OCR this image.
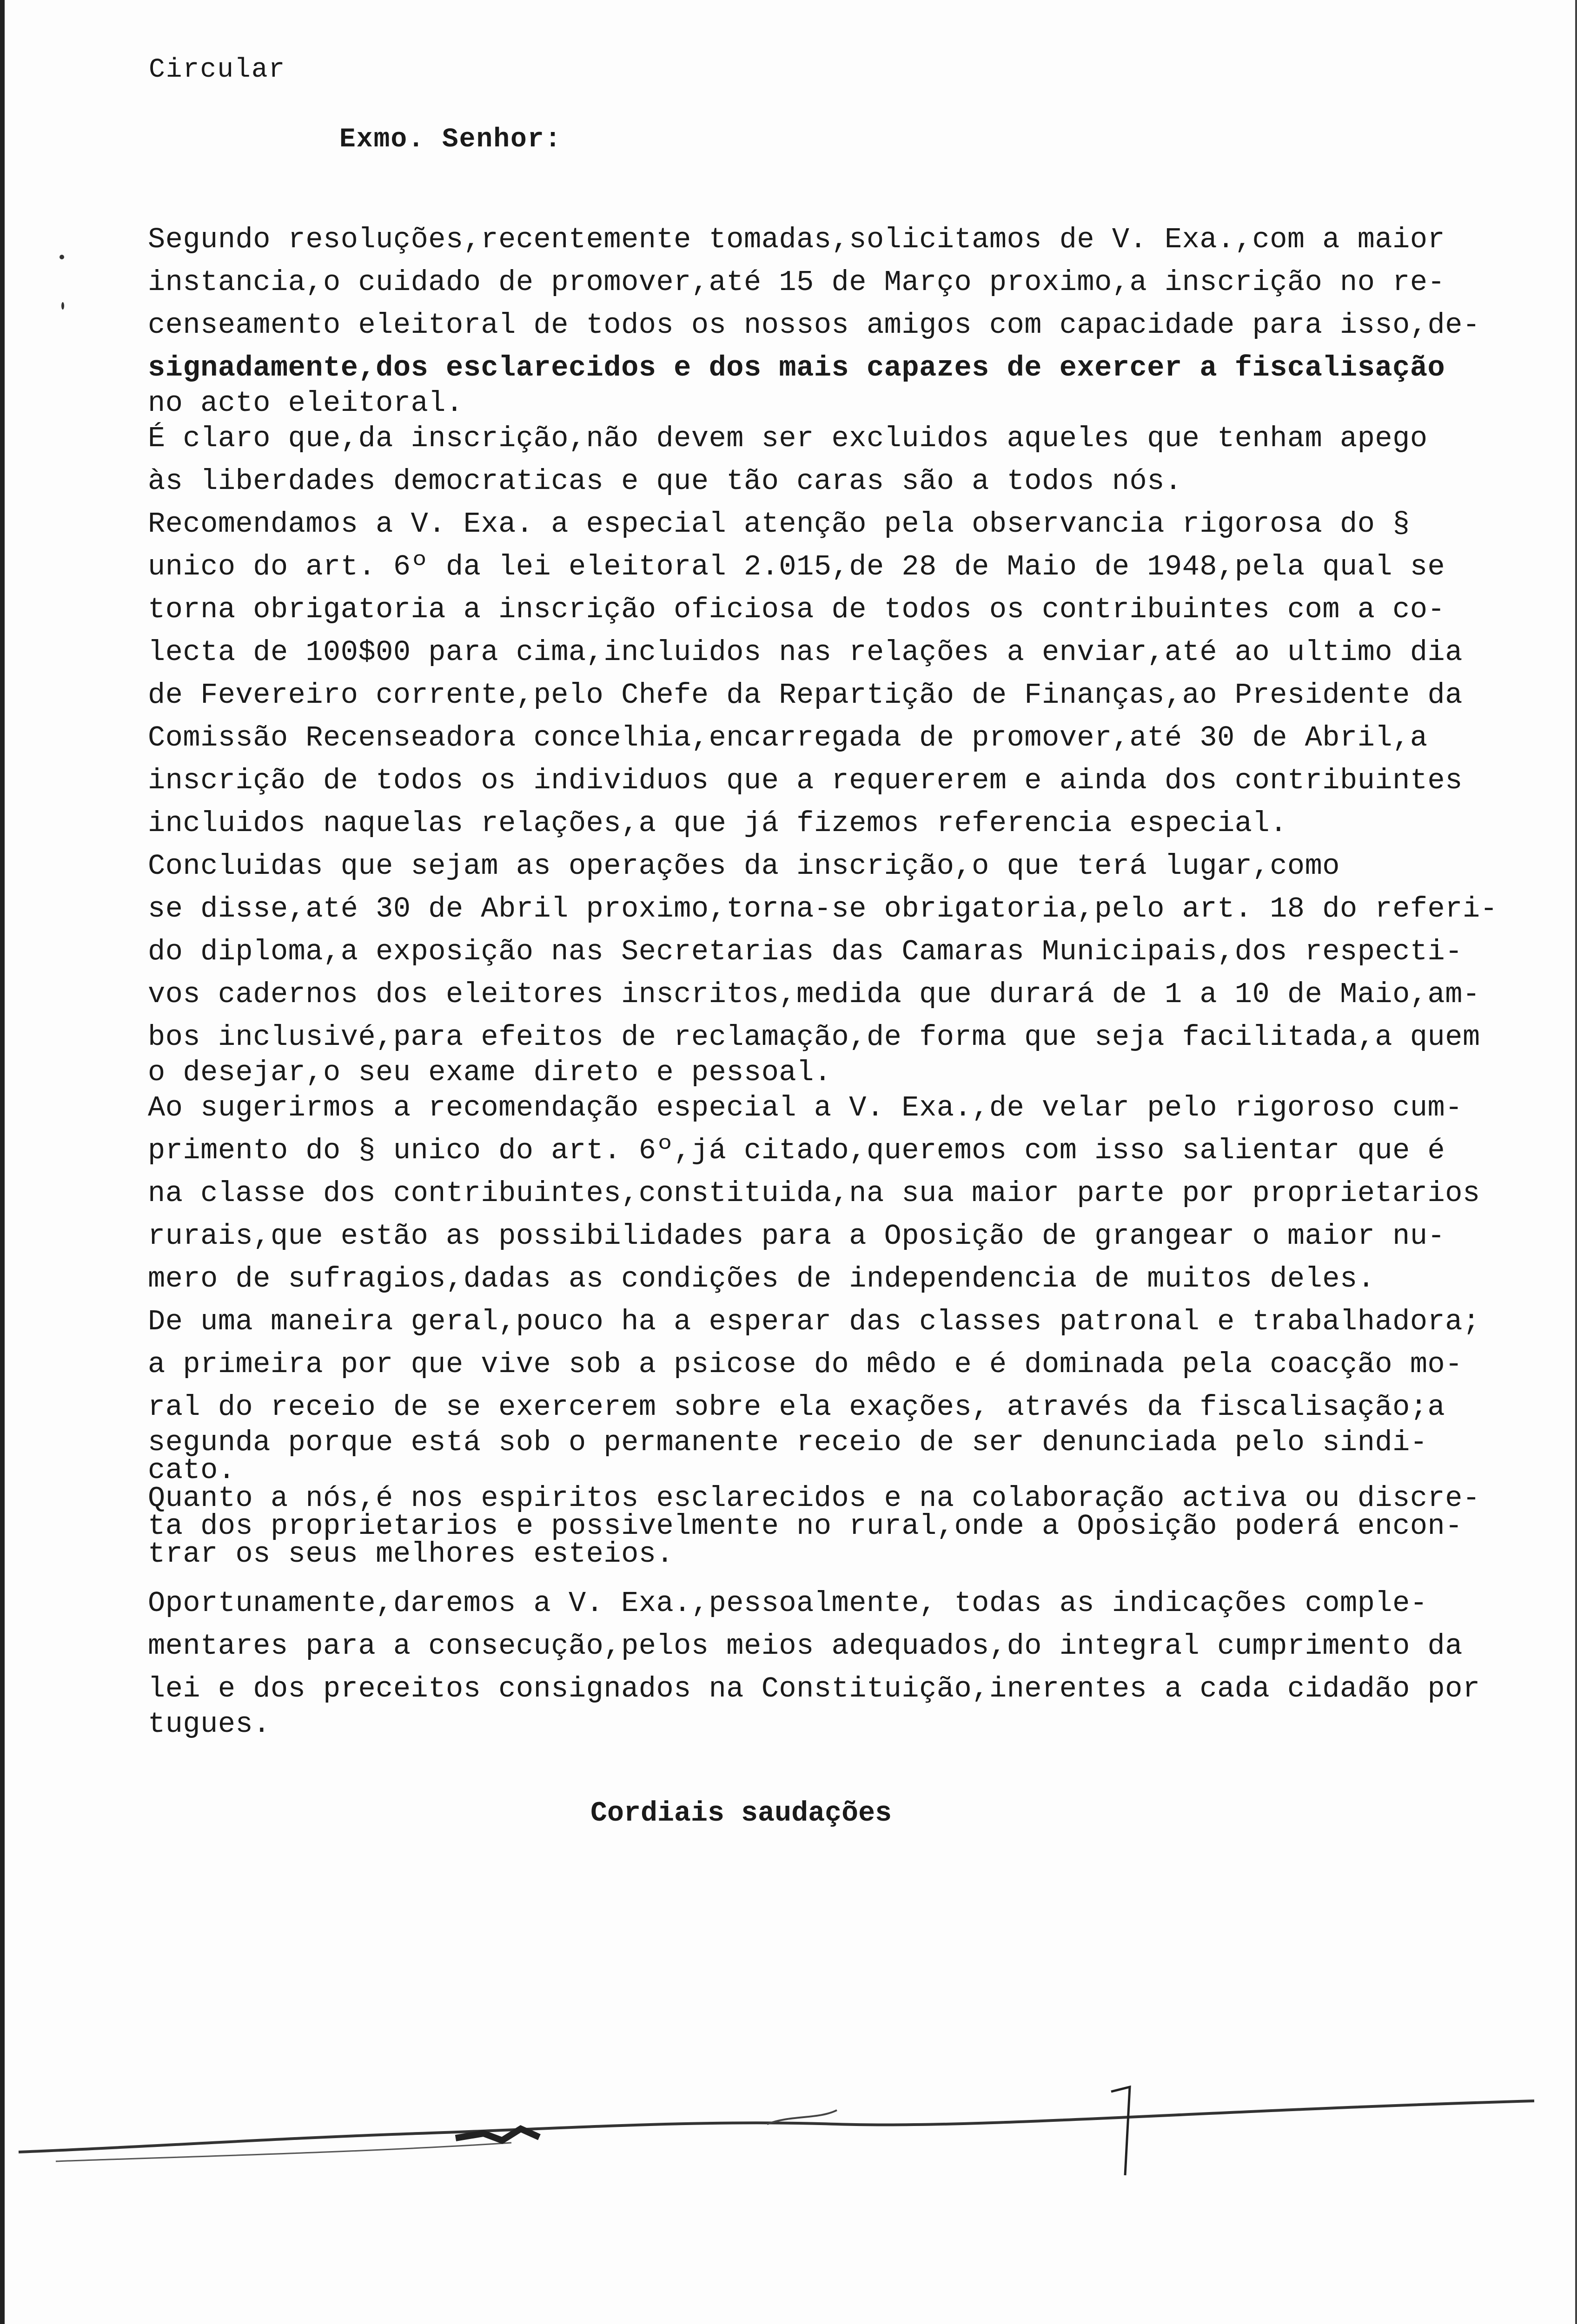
Circular
Exmo. Senhor:
Segundo resoluções,recentemente tomadas,solicitamos de V. Exa.,com a maior
instancia,o cuidado de promover,até 15 de Março proximo,a inscrição no re-
censeamento eleitoral de todos os nossos amigos com capacidade para isso,de-
signadamente,dos esclarecidos e dos mais capazes de exercer a fiscalisação
no acto eleitoral.
É claro que,da inscrição,não devem ser excluidos aqueles que tenham apego
às liberdades democraticas e que tão caras são a todos nós.
Recomendamos a V. Exa. a especial atenção pela observancia rigorosa do §
unico do art. 6º da lei eleitoral 2.015,de 28 de Maio de 1948,pela qual se
torna obrigatoria a inscrição oficiosa de todos os contribuintes com a co-
lecta de 100$00 para cima,incluidos nas relações a enviar,até ao ultimo dia
de Fevereiro corrente,pelo Chefe da Repartição de Finanças,ao Presidente da
Comissão Recenseadora concelhia,encarregada de promover,até 30 de Abril,a
inscrição de todos os individuos que a requererem e ainda dos contribuintes
incluidos naquelas relações,a que já fizemos referencia especial.
Concluidas que sejam as operações da inscrição,o que terá lugar,como
se disse,até 30 de Abril proximo,torna-se obrigatoria,pelo art. 18 do referi-
do diploma,a exposição nas Secretarias das Camaras Municipais,dos respecti-
vos cadernos dos eleitores inscritos,medida que durará de 1 a 10 de Maio,am-
bos inclusivé,para efeitos de reclamação,de forma que seja facilitada,a quem
o desejar,o seu exame direto e pessoal.
Ao sugerirmos a recomendação especial a V. Exa.,de velar pelo rigoroso cum-
primento do § unico do art. 6º,já citado,queremos com isso salientar que é
na classe dos contribuintes,constituida,na sua maior parte por proprietarios
rurais,que estão as possibilidades para a Oposição de grangear o maior nu-
mero de sufragios,dadas as condições de independencia de muitos deles.
De uma maneira geral,pouco ha a esperar das classes patronal e trabalhadora;
a primeira por que vive sob a psicose do mêdo e é dominada pela coacção mo-
ral do receio de se exercerem sobre ela exações, através da fiscalisação;a
segunda porque está sob o permanente receio de ser denunciada pelo sindi-
cato.
Quanto a nós,é nos espiritos esclarecidos e na colaboração activa ou discre-
ta dos proprietarios e possivelmente no rural,onde a Oposição poderá encon-
trar os seus melhores esteios.
Oportunamente,daremos a V. Exa.,pessoalmente, todas as indicações comple-
mentares para a consecução,pelos meios adequados,do integral cumprimento da
lei e dos preceitos consignados na Constituição,inerentes a cada cidadão por
tugues.
Cordiais saudações
